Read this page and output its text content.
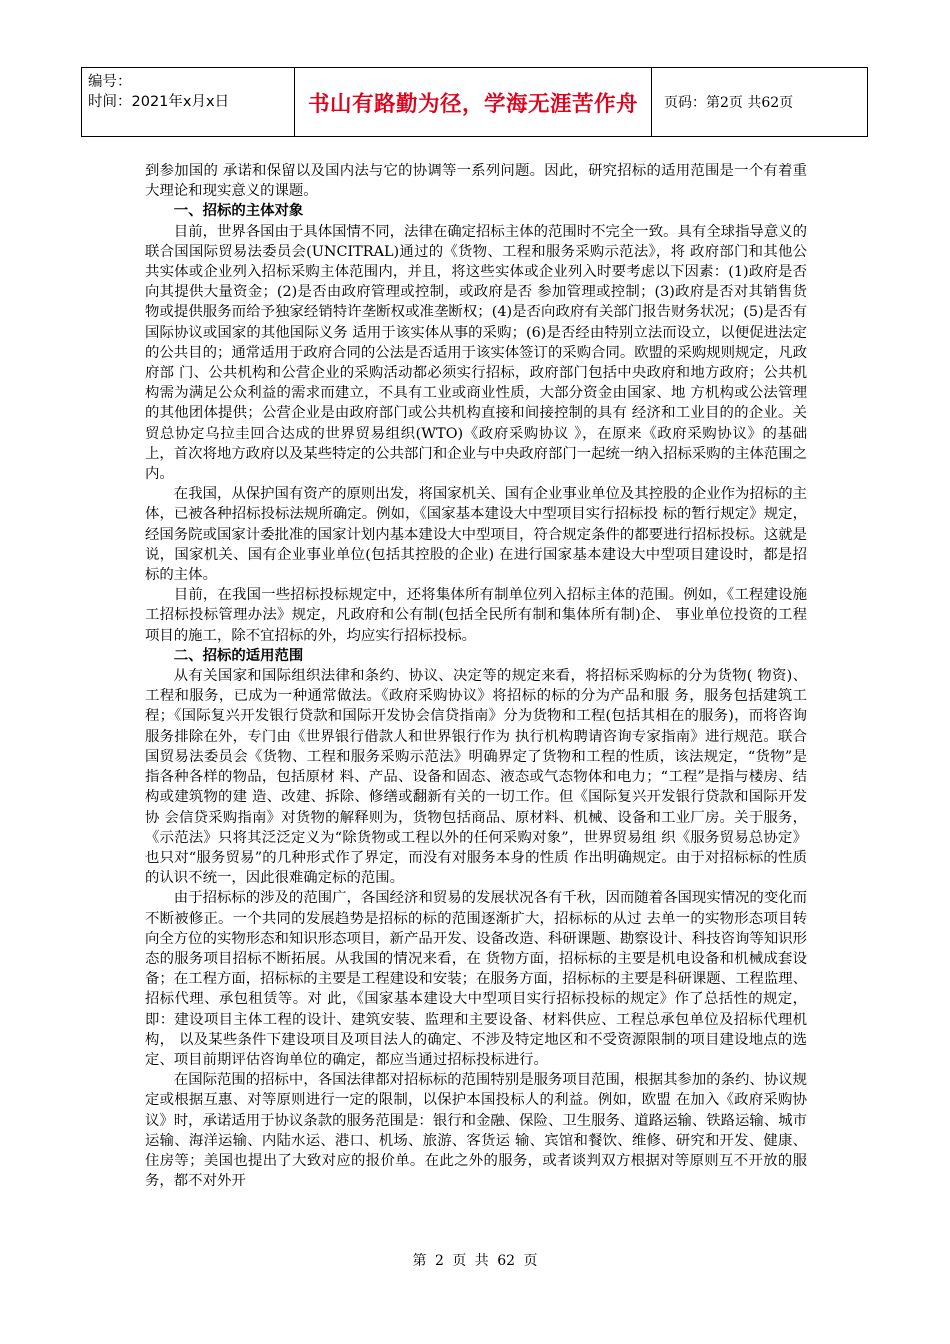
编号：
时间：2021年x月x日	书山有路勤为径，学海无涯苦作舟	页码：第2页 共62页

到参加国的 承诺和保留以及国内法与它的协调等一系列问题。因此，研究招标的适用范围是一个有着重大理论和现实意义的课题。

一、招标的主体对象

目前，世界各国由于具体国情不同，法律在确定招标主体的范围时不完全一致。具有全球指导意义的联合国国际贸易法委员会(UNCITRAL)通过的《货物、工程和服务采购示范法》，将 政府部门和其他公共实体或企业列入招标采购主体范围内，并且，将这些实体或企业列入时要考虑以下因素：(1)政府是否向其提供大量资金；(2)是否由政府管理或控制，或政府是否 参加管理或控制；(3)政府是否对其销售货物或提供服务而给予独家经销特许垄断权或准垄断权；(4)是否向政府有关部门报告财务状况；(5)是否有国际协议或国家的其他国际义务 适用于该实体从事的采购；(6)是否经由特别立法而设立，以便促进法定的公共目的；通常适用于政府合同的公法是否适用于该实体签订的采购合同。欧盟的采购规则规定，凡政府部 门、公共机构和公营企业的采购活动都必须实行招标，政府部门包括中央政府和地方政府；公共机构需为满足公众利益的需求而建立，不具有工业或商业性质，大部分资金由国家、地 方机构或公法管理的其他团体提供；公营企业是由政府部门或公共机构直接和间接控制的具有 经济和工业目的的企业。关贸总协定乌拉圭回合达成的世界贸易组织(WTO)《政府采购协议 》，在原来《政府采购协议》的基础上，首次将地方政府以及某些特定的公共部门和企业与中央政府部门一起统一纳入招标采购的主体范围之内。

在我国，从保护国有资产的原则出发，将国家机关、国有企业事业单位及其控股的企业作为招标的主体，已被各种招标投标法规所确定。例如，《国家基本建设大中型项目实行招标投 标的暂行规定》规定，经国务院或国家计委批准的国家计划内基本建设大中型项目，符合规定条件的都要进行招标投标。这就是说，国家机关、国有企业事业单位(包括其控股的企业) 在进行国家基本建设大中型项目建设时，都是招标的主体。

目前，在我国一些招标投标规定中，还将集体所有制单位列入招标主体的范围。例如，《工程建设施工招标投标管理办法》规定，凡政府和公有制(包括全民所有制和集体所有制)企、 事业单位投资的工程项目的施工，除不宜招标的外，均应实行招标投标。

二、招标的适用范围

从有关国家和国际组织法律和条约、协议、决定等的规定来看，将招标采购标的分为货物( 物资)、工程和服务，已成为一种通常做法。《政府采购协议》将招标的标的分为产品和服 务，服务包括建筑工程；《国际复兴开发银行贷款和国际开发协会信贷指南》分为货物和工程(包括其相在的服务)，而将咨询服务排除在外，专门由《世界银行借款人和世界银行作为 执行机构聘请咨询专家指南》进行规范。联合国贸易法委员会《货物、工程和服务采购示范法》明确界定了货物和工程的性质，该法规定，“货物”是指各种各样的物品，包括原材 料、产品、设备和固态、液态或气态物体和电力；“工程”是指与楼房、结构或建筑物的建 造、改建、拆除、修缮或翻新有关的一切工作。但《国际复兴开发银行贷款和国际开发协 会信贷采购指南》对货物的解释则为，货物包括商品、原材料、机械、设备和工业厂房。关于服务，《示范法》只将其泛泛定义为“除货物或工程以外的任何采购对象”，世界贸易组 织《服务贸易总协定》也只对“服务贸易”的几种形式作了界定，而没有对服务本身的性质 作出明确规定。由于对招标标的性质的认识不统一，因此很难确定标的范围。

由于招标标的涉及的范围广，各国经济和贸易的发展状况各有千秋，因而随着各国现实情况的变化而不断被修正。一个共同的发展趋势是招标的标的范围逐渐扩大，招标标的从过 去单一的实物形态项目转向全方位的实物形态和知识形态项目，新产品开发、设备改造、科研课题、勘察设计、科技咨询等知识形态的服务项目招标不断拓展。从我国的情况来看，在 货物方面，招标标的主要是机电设备和机械成套设备；在工程方面，招标标的主要是工程建设和安装；在服务方面，招标标的主要是科研课题、工程监理、招标代理、承包租赁等。对 此，《国家基本建设大中型项目实行招标投标的规定》作了总括性的规定，即：建设项目主体工程的设计、建筑安装、监理和主要设备、材料供应、工程总承包单位及招标代理机构， 以及某些条件下建设项目及项目法人的确定、不涉及特定地区和不受资源限制的项目建设地点的选定、项目前期评估咨询单位的确定，都应当通过招标投标进行。

在国际范围的招标中，各国法律都对招标标的范围特别是服务项目范围，根据其参加的条约、协议规定或根据互惠、对等原则进行一定的限制，以保护本国投标人的利益。例如，欧盟 在加入《政府采购协议》时，承诺适用于协议条款的服务范围是：银行和金融、保险、卫生服务、道路运输、铁路运输、城市运输、海洋运输、内陆水运、港口、机场、旅游、客货运 输、宾馆和餐饮、维修、研究和开发、健康、住房等；美国也提出了大致对应的报价单。在此之外的服务，或者谈判双方根据对等原则互不开放的服务，都不对外开

第 2 页 共 62 页
